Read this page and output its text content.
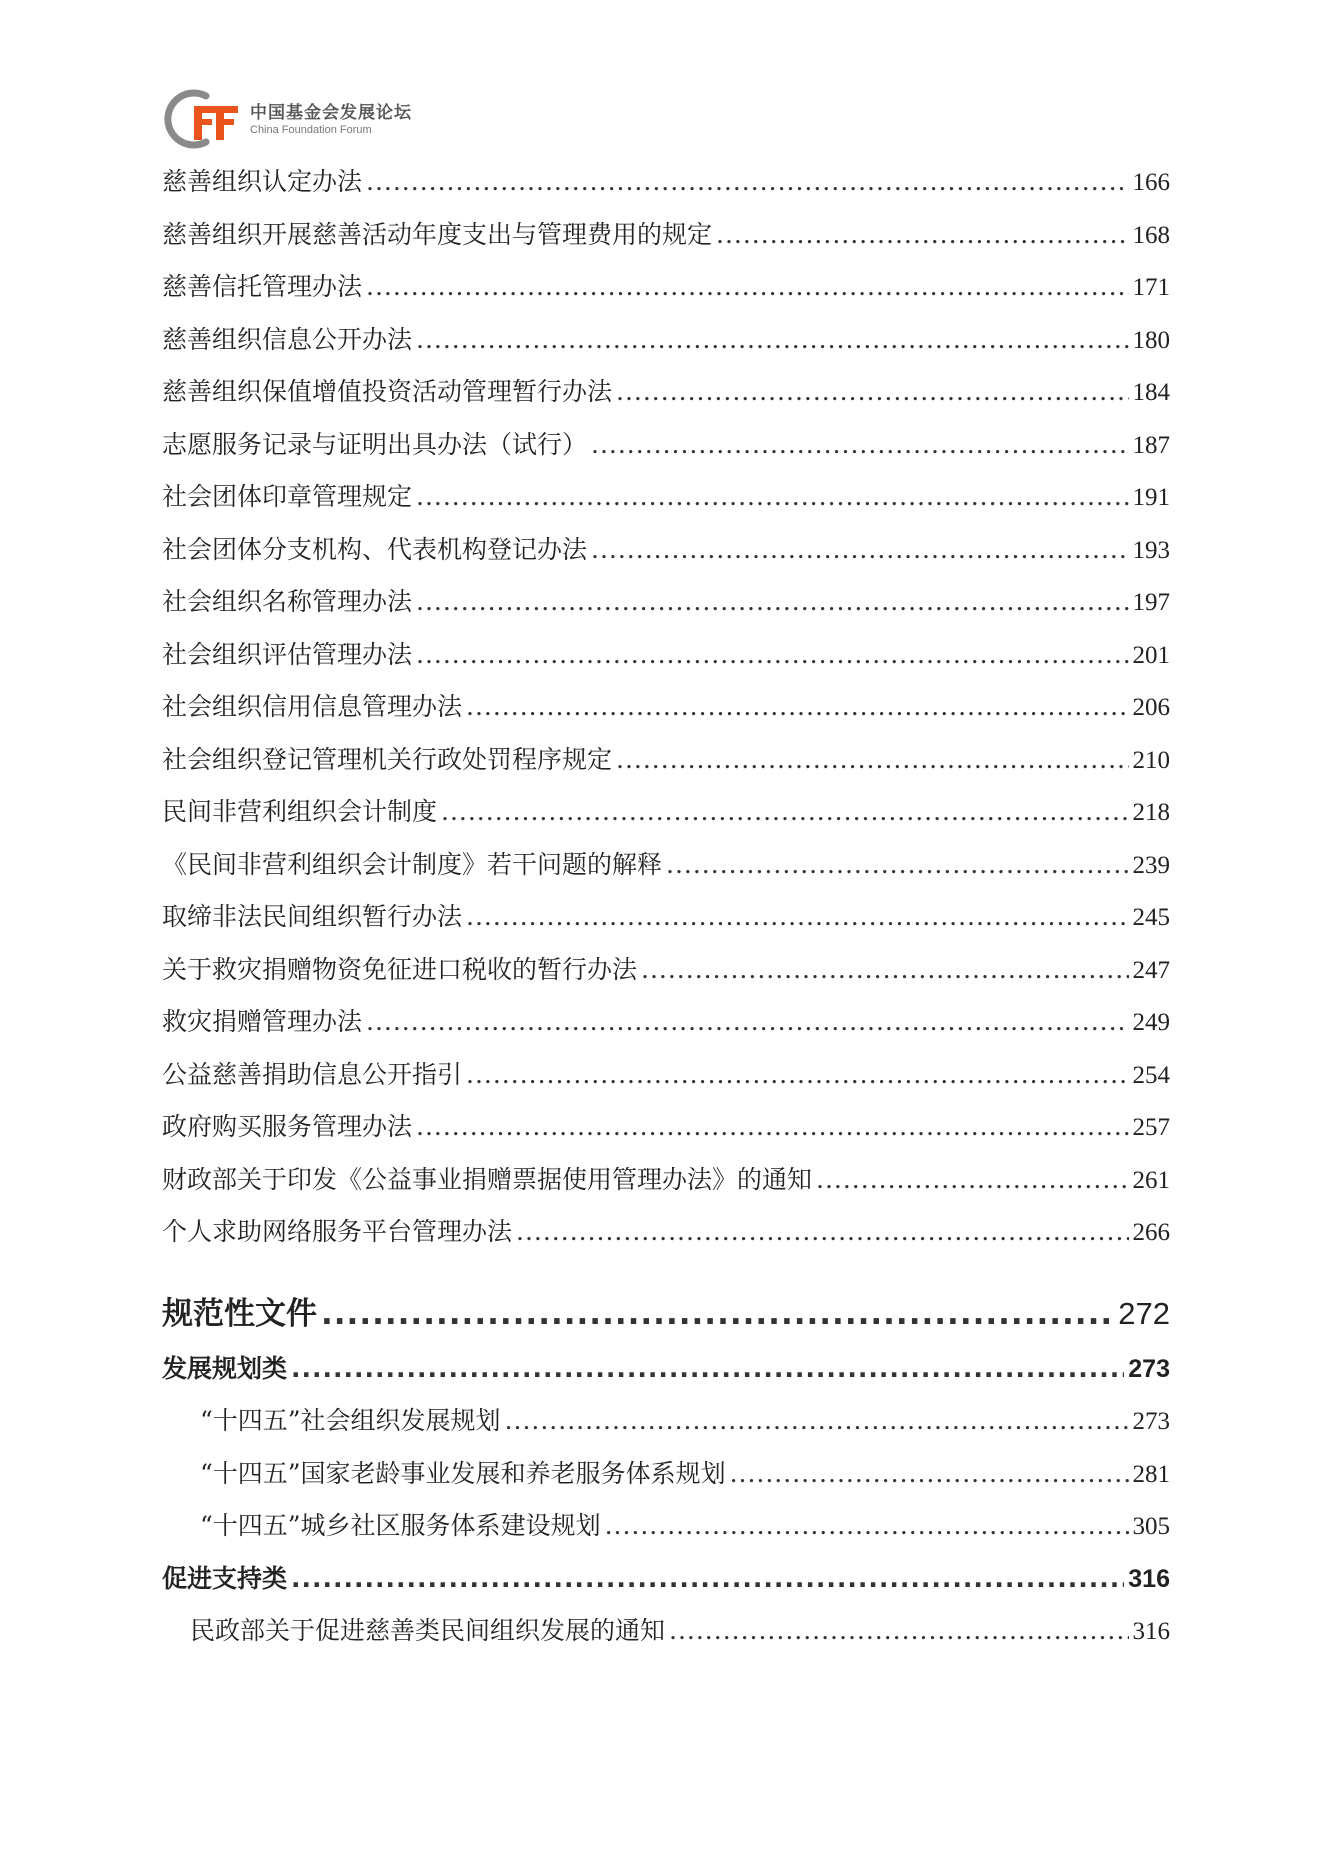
中国基金会发展论坛
China Foundation Forum
慈善组织认定办法 .....	166
慈善组织开展慈善活动年度支出与管理费用的规定 .....	168
慈善信托管理办法 .....	171
慈善组织信息公开办法 .....	180
慈善组织保值增值投资活动管理暂行办法 .....	184
志愿服务记录与证明出具办法（试行） .....	187
社会团体印章管理规定 .....	191
社会团体分支机构、代表机构登记办法 .....	193
社会组织名称管理办法 .....	197
社会组织评估管理办法 .....	201
社会组织信用信息管理办法 .....	206
社会组织登记管理机关行政处罚程序规定 .....	210
民间非营利组织会计制度 .....	218
《民间非营利组织会计制度》若干问题的解释 .....	239
取缔非法民间组织暂行办法 .....	245
关于救灾捐赠物资免征进口税收的暂行办法 .....	247
救灾捐赠管理办法 .....	249
公益慈善捐助信息公开指引 .....	254
政府购买服务管理办法 .....	257
财政部关于印发《公益事业捐赠票据使用管理办法》的通知 .....	261
个人求助网络服务平台管理办法 .....	266
规范性文件 .....	272
发展规划类 .....	273
“十四五”社会组织发展规划 .....	273
“十四五”国家老龄事业发展和养老服务体系规划 .....	281
“十四五”城乡社区服务体系建设规划 .....	305
促进支持类 .....	316
民政部关于促进慈善类民间组织发展的通知 .....	316
